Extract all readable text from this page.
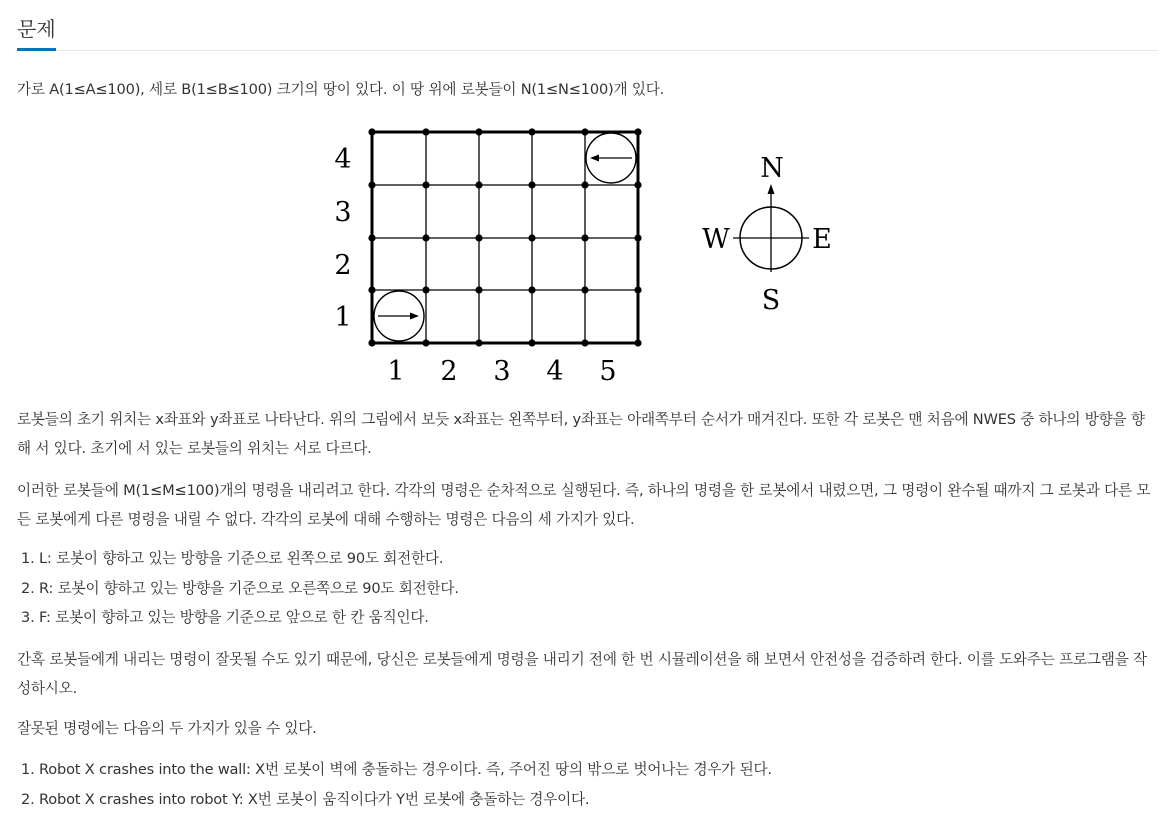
문제

가로 A(1≤A≤100), 세로 B(1≤B≤100) 크기의 땅이 있다. 이 땅 위에 로봇들이 N(1≤N≤100)개 있다.

4
3
2
1
1 2 3 4 5
N
S
W	E

로봇들의 초기 위치는 x좌표와 y좌표로 나타난다. 위의 그림에서 보듯 x좌표는 왼쪽부터, y좌표는 아래쪽부터 순서가 매겨진다. 또한 각 로봇은 맨 처음에 NWES 중 하나의 방향을 향해 서 있다. 초기에 서 있는 로봇들의 위치는 서로 다르다.

이러한 로봇들에 M(1≤M≤100)개의 명령을 내리려고 한다. 각각의 명령은 순차적으로 실행된다. 즉, 하나의 명령을 한 로봇에서 내렸으면, 그 명령이 완수될 때까지 그 로봇과 다른 모든 로봇에게 다른 명령을 내릴 수 없다. 각각의 로봇에 대해 수행하는 명령은 다음의 세 가지가 있다.

1. L: 로봇이 향하고 있는 방향을 기준으로 왼쪽으로 90도 회전한다.
2. R: 로봇이 향하고 있는 방향을 기준으로 오른쪽으로 90도 회전한다.
3. F: 로봇이 향하고 있는 방향을 기준으로 앞으로 한 칸 움직인다.

간혹 로봇들에게 내리는 명령이 잘못될 수도 있기 때문에, 당신은 로봇들에게 명령을 내리기 전에 한 번 시뮬레이션을 해 보면서 안전성을 검증하려 한다. 이를 도와주는 프로그램을 작성하시오.

잘못된 명령에는 다음의 두 가지가 있을 수 있다.

1. Robot X crashes into the wall: X번 로봇이 벽에 충돌하는 경우이다. 즉, 주어진 땅의 밖으로 벗어나는 경우가 된다.
2. Robot X crashes into robot Y: X번 로봇이 움직이다가 Y번 로봇에 충돌하는 경우이다.
